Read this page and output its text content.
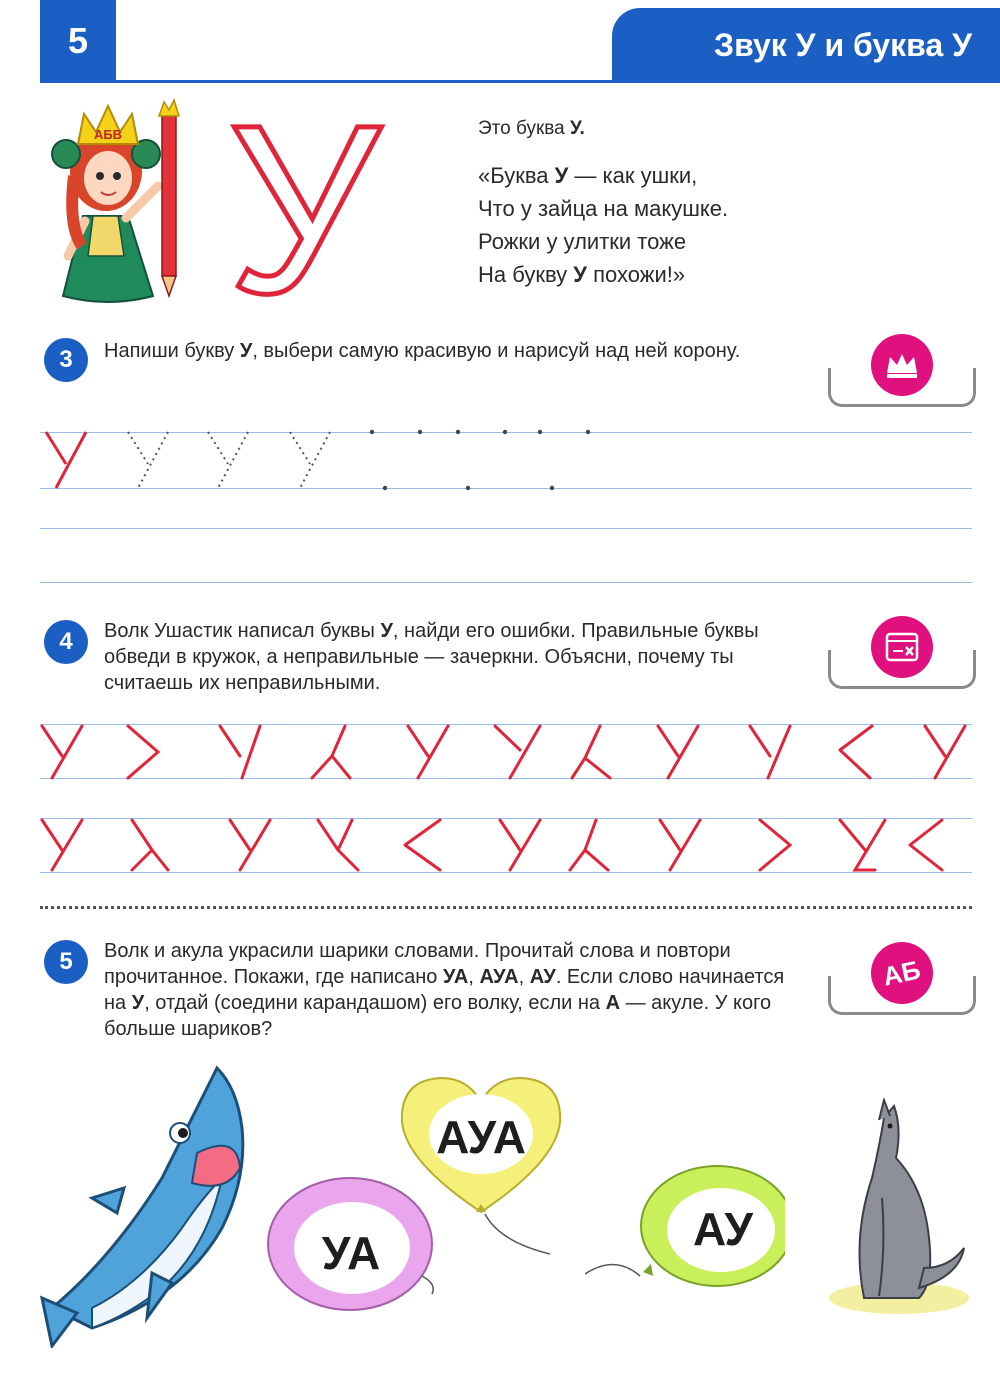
5	Звук У и буква У
АБВ У	Это буква У.
«Буква У — как ушки,
Что у зайца на макушке.
Рожки у улитки тоже
На букву У похожи!»
3	Напиши букву У, выбери самую красивую и нарисуй над ней корону.
4	Волк Ушастик написал буквы У, найди его ошибки. Правильные буквы обведи в кружок, а неправильные — зачеркни. Объясни, почему ты считаешь их неправильными.
5	Волк и акула украсили шарики словами. Прочитай слова и повтори прочитанное. Покажи, где написано УА, АУА, АУ. Если слово начинается на У, отдай (соедини карандашом) его волку, если на А — акуле. У кого больше шариков?
АБ
АУА
УА	АУ
